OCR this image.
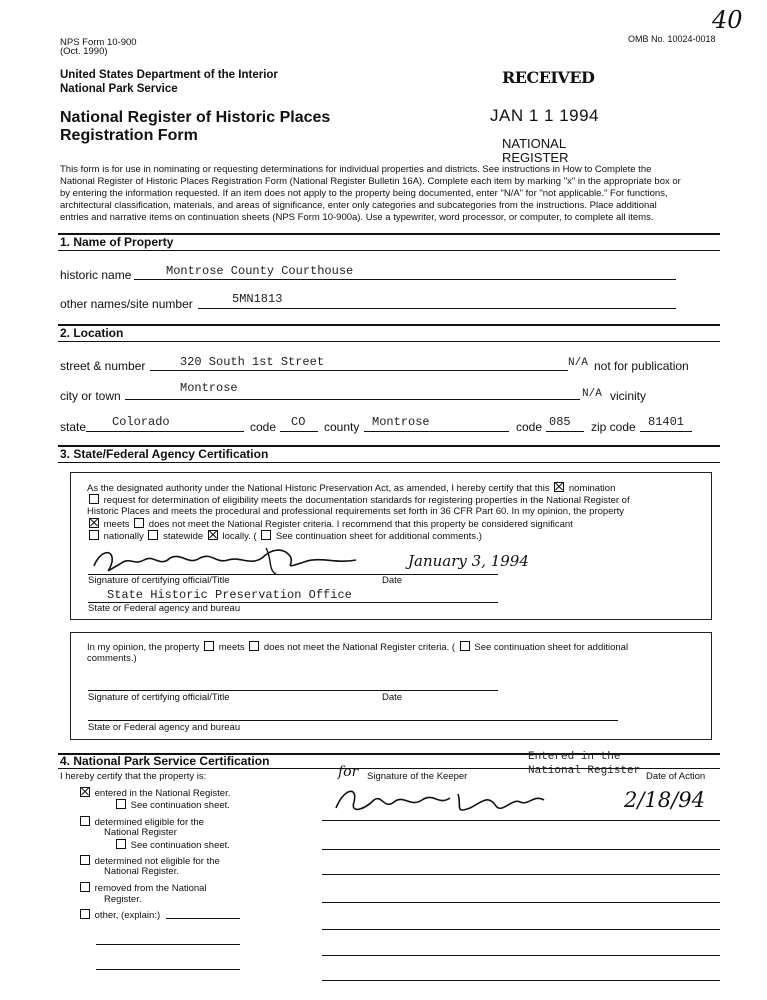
NPS Form 10-900
(Oct. 1990)
OMB No. 10024-0018
40
United States Department of the Interior
National Park Service
RECEIVED
JAN 1 1 1994
NATIONAL
REGISTER
National Register of Historic Places
Registration Form
This form is for use in nominating or requesting determinations for individual properties and districts. See instructions in How to Complete the
National Register of Historic Places Registration Form (National Register Bulletin 16A). Complete each item by marking "x" in the appropriate box or
by entering the information requested. If an item does not apply to the property being documented, enter "N/A" for "not applicable." For functions,
architectural classification, materials, and areas of significance, enter only categories and subcategories from the instructions. Place additional
entries and narrative items on continuation sheets (NPS Form 10-900a). Use a typewriter, word processor, or computer, to complete all items.
1. Name of Property
historic name	Montrose County Courthouse
other names/site number	5MN1813
2. Location
street & number	320 South 1st Street	N/A not for publication
city or town
Montrose	N/A vicinity
state Colorado	code CO county Montrose	code 085 zip code 81401
3. State/Federal Agency Certification
As the designated authority under the National Historic Preservation Act, as amended, I hereby certify that this nomination
request for determination of eligibility meets the documentation standards for registering properties in the National Register of
Historic Places and meets the procedural and professional requirements set forth in 36 CFR Part 60. In my opinion, the property
meets does not meet the National Register criteria. I recommend that this property be considered significant
nationally statewide locally. ( See continuation sheet for additional comments.)
Signature of certifying official/Title	Date
January 3, 1994
State Historic Preservation Office
State or Federal agency and bureau
In my opinion, the property meets does not meet the National Register criteria. ( See continuation sheet for additional
comments.)
Signature of certifying official/Title	Date
State or Federal agency and bureau
4. National Park Service Certification
I hereby certify that the property is:
entered in the National Register.
See continuation sheet.
determined eligible for the
National Register
See continuation sheet.
determined not eligible for the
National Register.
removed from the National
Register.
other, (explain:)
for Signature of the Keeper
Entered in the
National Register Date of Action
2/18/94
